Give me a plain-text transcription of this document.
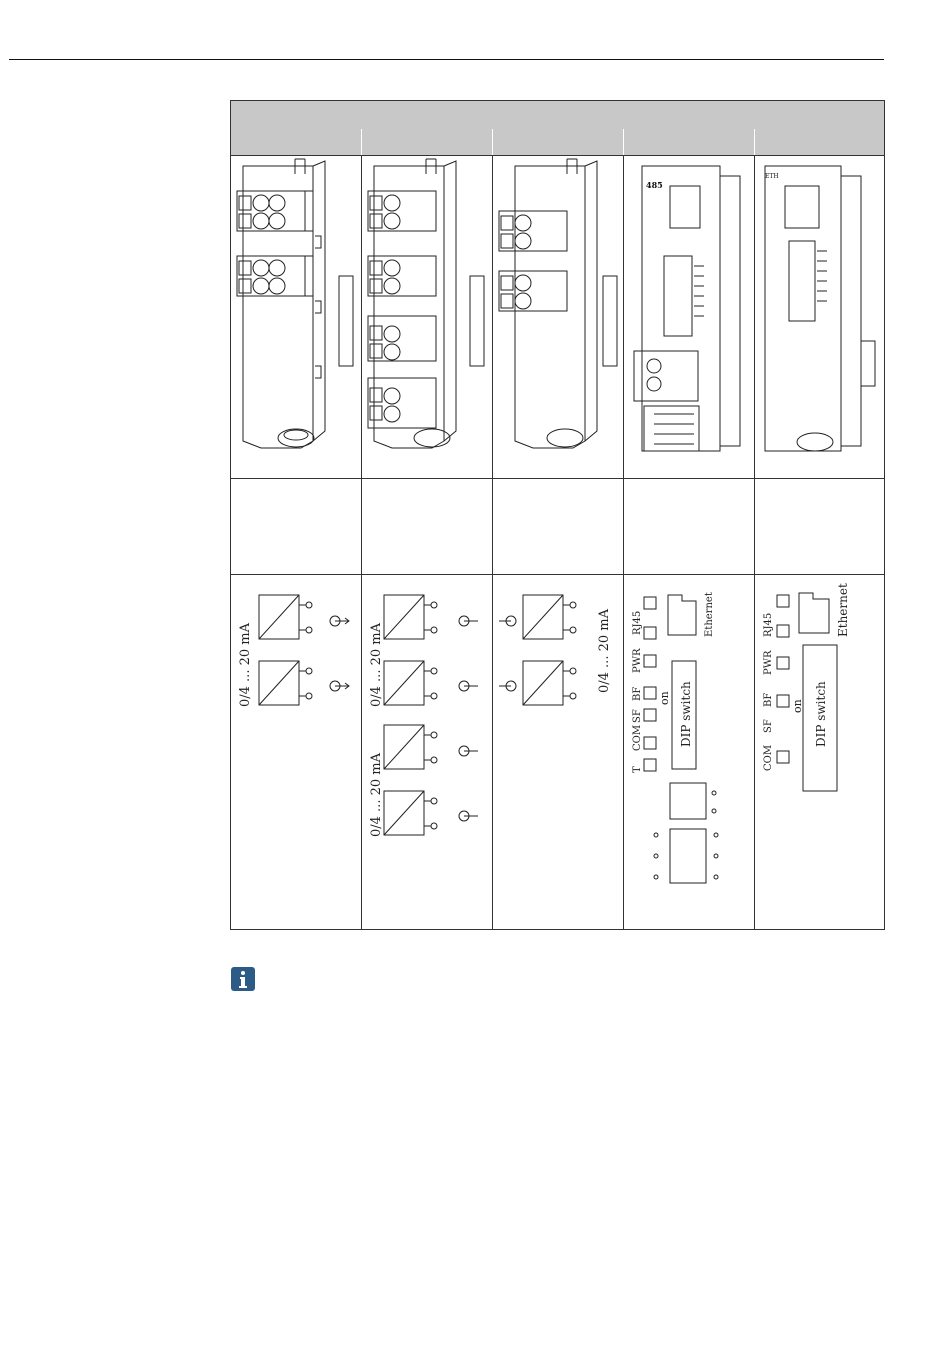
485
ETH
0/4 ... 20 mA	0/4 ... 20 mA
0/4 ... 20 mA
0/4 ... 20 mA RJ45
PWR
BF
SF
COM
T
Ethernet
DIP switch
on
RJ45
PWR
BF
SF
COM
Ethernet
DIP switch
on
